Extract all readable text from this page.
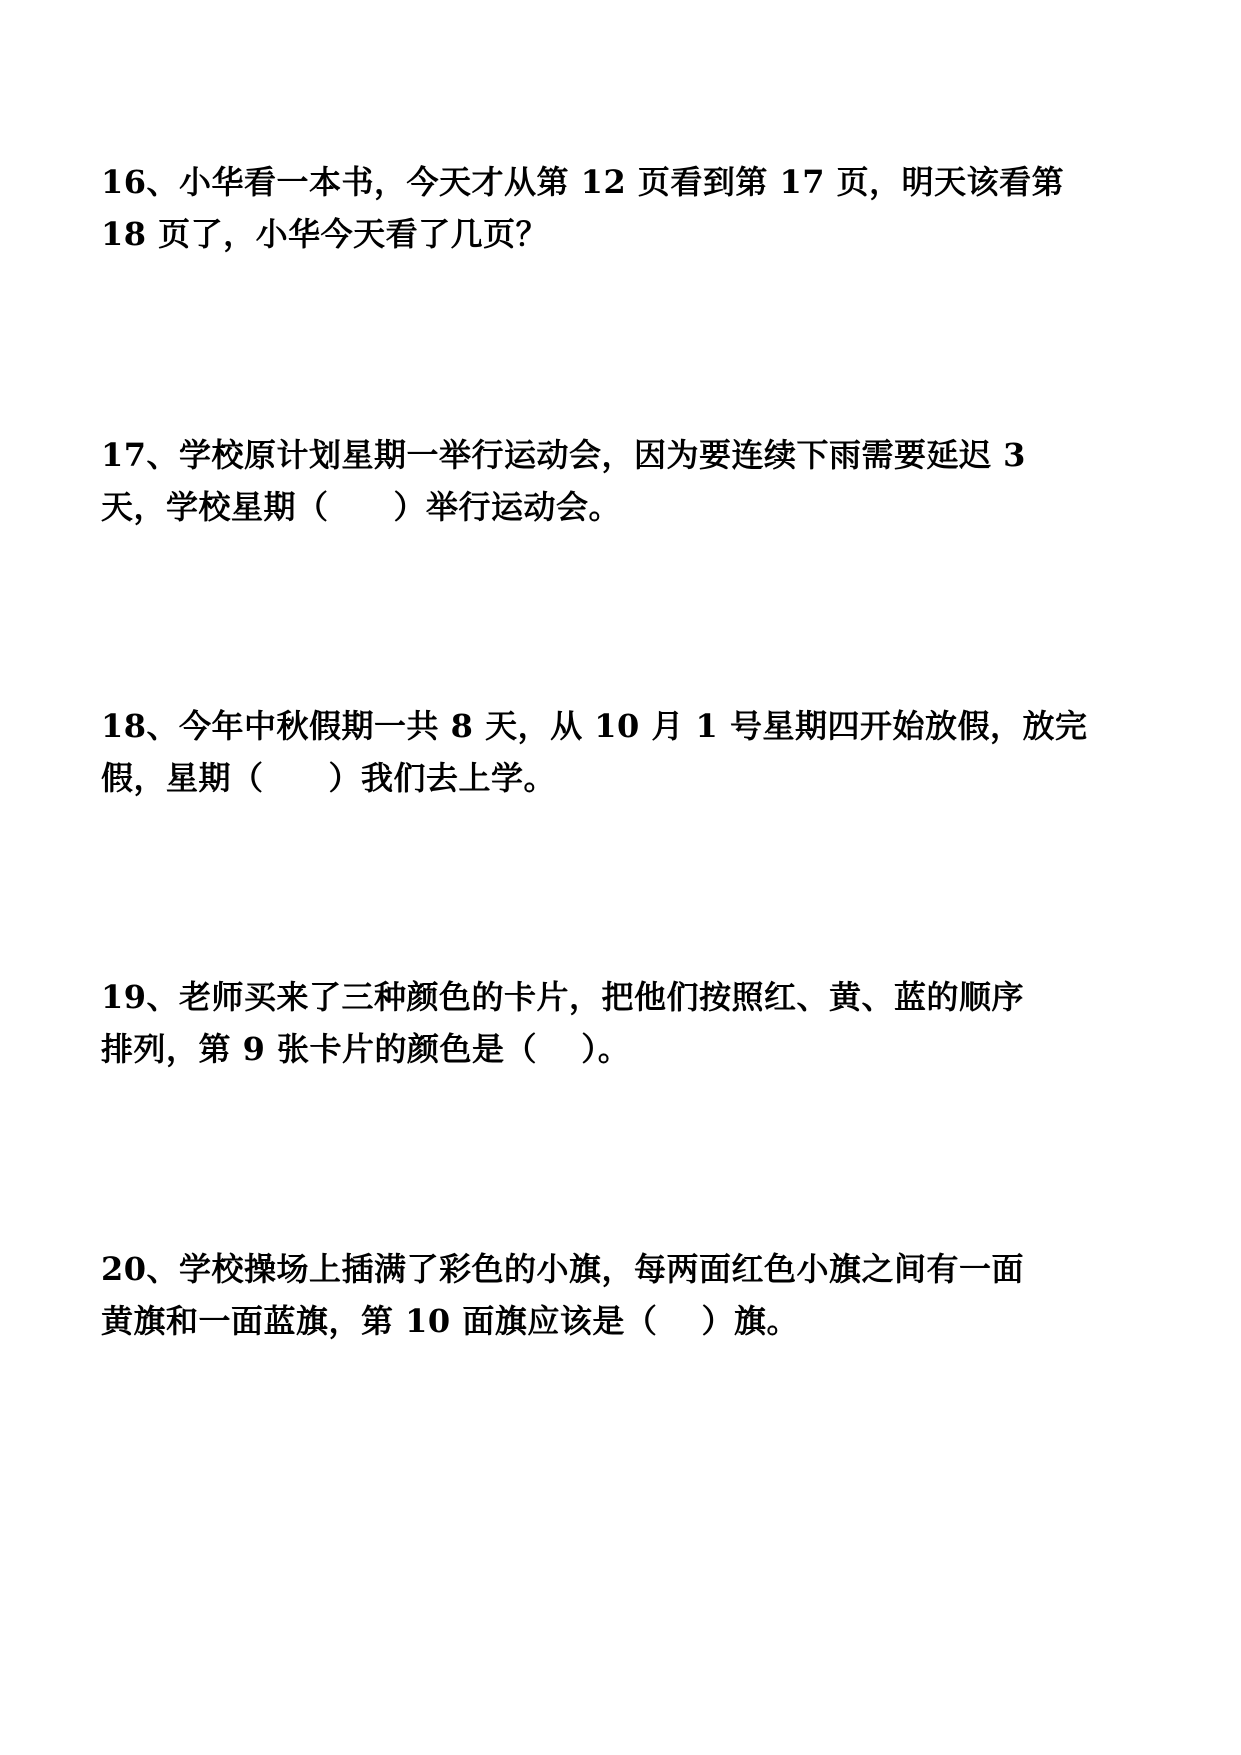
16、小华看一本书，今天才从第 12 页看到第 17 页，明天该看第
18 页了，小华今天看了几页？

17、学校原计划星期一举行运动会，因为要连续下雨需要延迟 3
天，学校星期（　　）举行运动会。

18、今年中秋假期一共 8 天，从 10 月 1 号星期四开始放假，放完
假，星期（　　）我们去上学。

19、老师买来了三种颜色的卡片，把他们按照红、黄、蓝的顺序
排列，第 9 张卡片的颜色是（　 ）。

20、学校操场上插满了彩色的小旗，每两面红色小旗之间有一面
黄旗和一面蓝旗，第 10 面旗应该是（　 ）旗。
